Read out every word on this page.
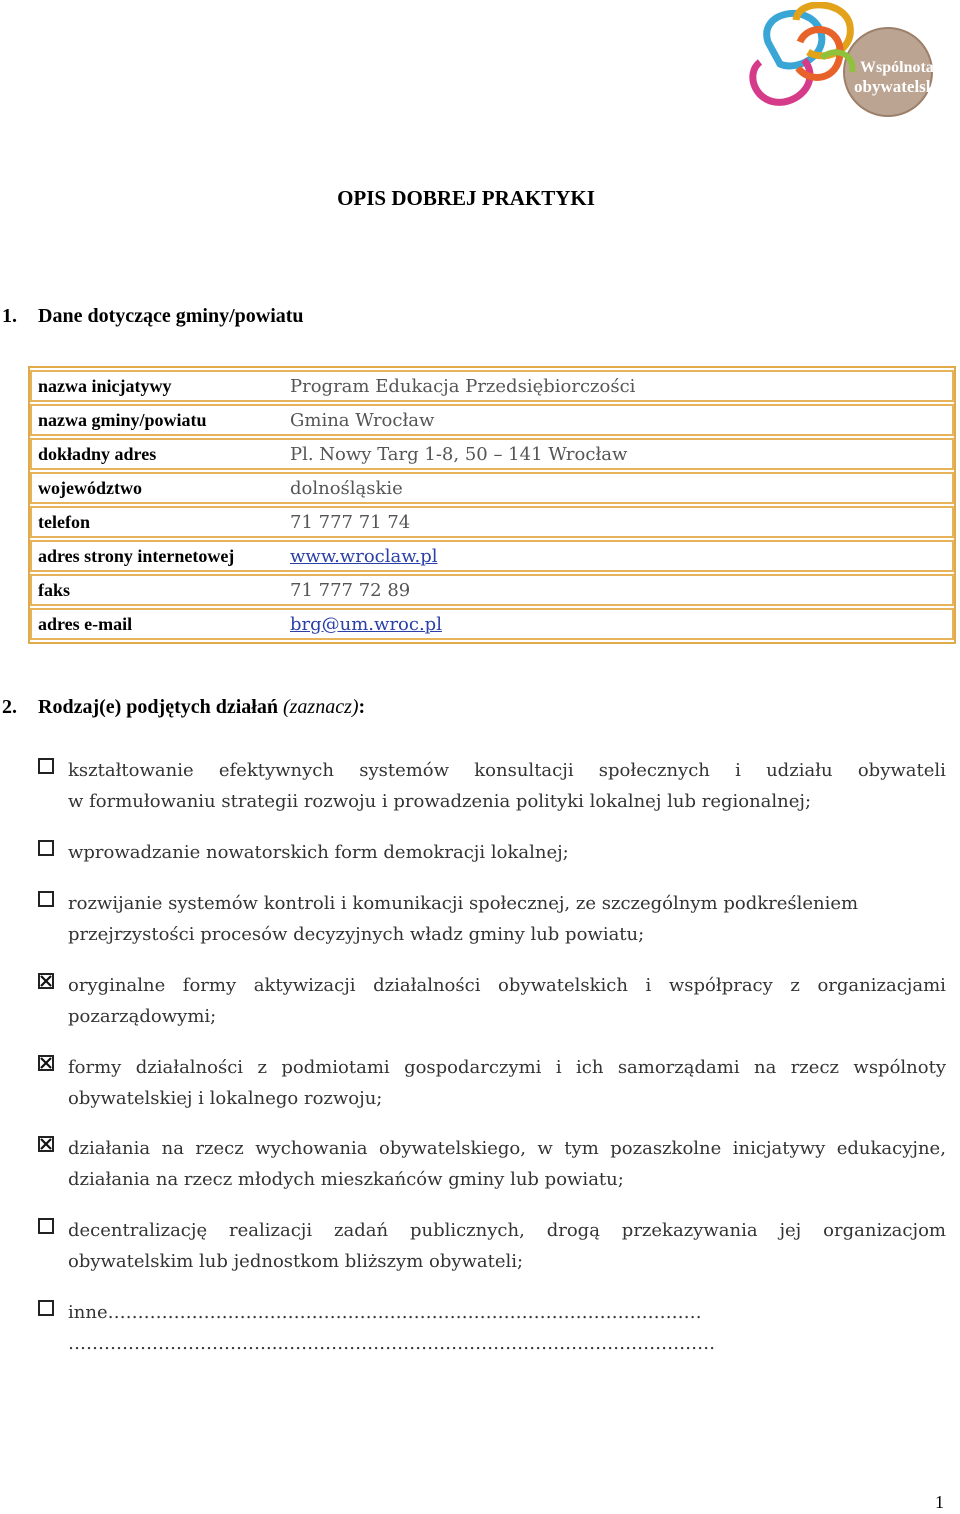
Wspólnota
obywatelska
OPIS DOBREJ PRAKTYKI
1. Dane dotyczące gminy/powiatu
nazwa inicjatywy	Program Edukacja Przedsiębiorczości
nazwa gminy/powiatu	Gmina Wrocław
dokładny adres	Pl. Nowy Targ 1-8, 50 – 141 Wrocław
województwo	dolnośląskie
telefon	71 777 71 74
adres strony internetowej	www.wroclaw.pl
faks	71 777 72 89
adres e-mail	brg@um.wroc.pl
2. Rodzaj(e) podjętych działań (zaznacz):
kształtowanie efektywnych systemów konsultacji społecznych i udziału obywateli
w formułowaniu strategii rozwoju i prowadzenia polityki lokalnej lub regionalnej;
wprowadzanie nowatorskich form demokracji lokalnej;
rozwijanie systemów kontroli i komunikacji społecznej, ze szczególnym podkreśleniem
przejrzystości procesów decyzyjnych władz gminy lub powiatu;
oryginalne formy aktywizacji działalności obywatelskich i współpracy z organizacjami
pozarządowymi;
formy działalności z podmiotami gospodarczymi i ich samorządami na rzecz wspólnoty
obywatelskiej i lokalnego rozwoju;
działania na rzecz wychowania obywatelskiego, w tym pozaszkolne inicjatywy edukacyjne,
działania na rzecz młodych mieszkańców gminy lub powiatu;
decentralizację realizacji zadań publicznych, drogą przekazywania jej organizacjom
obywatelskim lub jednostkom bliższym obywateli;
inne………………………………………………………………………………………
……………………………...………………………………………………………………
1
